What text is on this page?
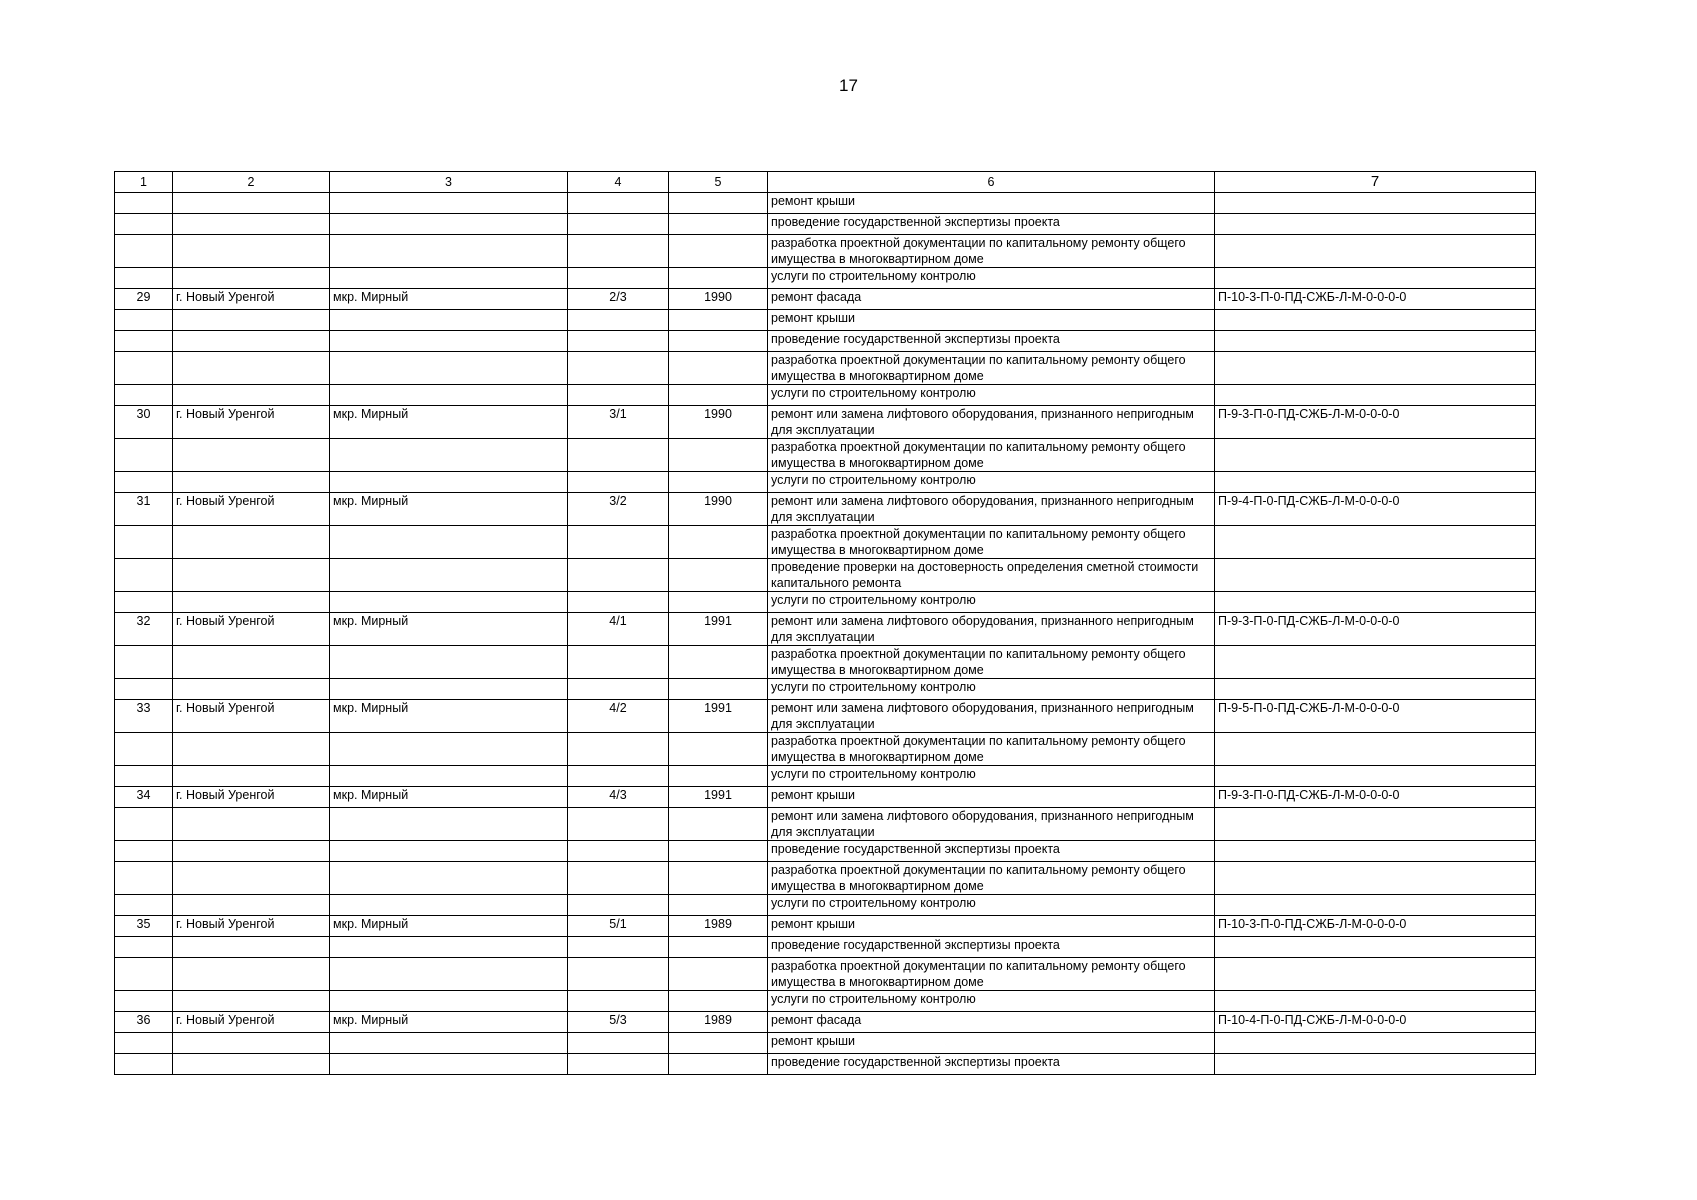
17
1	2	3	4	5	6	7
					ремонт крыши	
					проведение государственной экспертизы проекта	
					разработка проектной документации по капитальному ремонту общего имущества в многоквартирном доме	
					услуги по строительному контролю	
29	г. Новый Уренгой	мкр. Мирный	2/3	1990	ремонт фасада	П-10-3-П-0-ПД-СЖБ-Л-М-0-0-0-0
					ремонт крыши	
					проведение государственной экспертизы проекта	
					разработка проектной документации по капитальному ремонту общего имущества в многоквартирном доме	
					услуги по строительному контролю	
30	г. Новый Уренгой	мкр. Мирный	3/1	1990	ремонт или замена лифтового оборудования, признанного непригодным для эксплуатации	П-9-3-П-0-ПД-СЖБ-Л-М-0-0-0-0
					разработка проектной документации по капитальному ремонту общего имущества в многоквартирном доме	
					услуги по строительному контролю	
31	г. Новый Уренгой	мкр. Мирный	3/2	1990	ремонт или замена лифтового оборудования, признанного непригодным для эксплуатации	П-9-4-П-0-ПД-СЖБ-Л-М-0-0-0-0
					разработка проектной документации по капитальному ремонту общего имущества в многоквартирном доме	
					проведение проверки на достоверность определения сметной стоимости капитального ремонта	
					услуги по строительному контролю	
32	г. Новый Уренгой	мкр. Мирный	4/1	1991	ремонт или замена лифтового оборудования, признанного непригодным для эксплуатации	П-9-3-П-0-ПД-СЖБ-Л-М-0-0-0-0
					разработка проектной документации по капитальному ремонту общего имущества в многоквартирном доме	
					услуги по строительному контролю	
33	г. Новый Уренгой	мкр. Мирный	4/2	1991	ремонт или замена лифтового оборудования, признанного непригодным для эксплуатации	П-9-5-П-0-ПД-СЖБ-Л-М-0-0-0-0
					разработка проектной документации по капитальному ремонту общего имущества в многоквартирном доме	
					услуги по строительному контролю	
34	г. Новый Уренгой	мкр. Мирный	4/3	1991	ремонт крыши	П-9-3-П-0-ПД-СЖБ-Л-М-0-0-0-0
					ремонт или замена лифтового оборудования, признанного непригодным для эксплуатации	
					проведение государственной экспертизы проекта	
					разработка проектной документации по капитальному ремонту общего имущества в многоквартирном доме	
					услуги по строительному контролю	
35	г. Новый Уренгой	мкр. Мирный	5/1	1989	ремонт крыши	П-10-3-П-0-ПД-СЖБ-Л-М-0-0-0-0
					проведение государственной экспертизы проекта	
					разработка проектной документации по капитальному ремонту общего имущества в многоквартирном доме	
					услуги по строительному контролю	
36	г. Новый Уренгой	мкр. Мирный	5/3	1989	ремонт фасада	П-10-4-П-0-ПД-СЖБ-Л-М-0-0-0-0
					ремонт крыши	
					проведение государственной экспертизы проекта	
